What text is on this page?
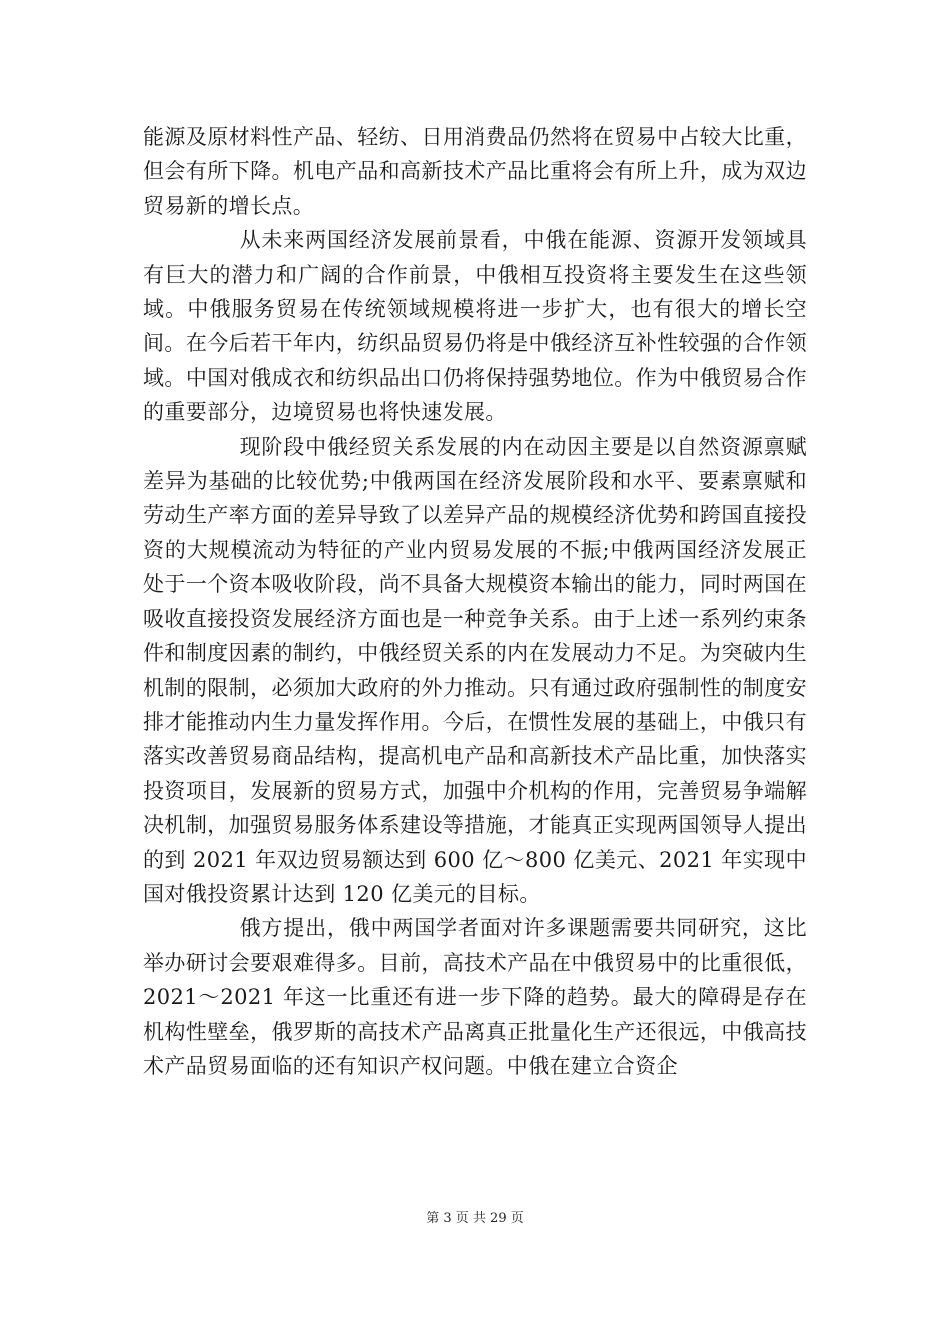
能源及原材料性产品、轻纺、日用消费品仍然将在贸易中占较大比重，但会有所下降。机电产品和高新技术产品比重将会有所上升，成为双边贸易新的增长点。

从未来两国经济发展前景看，中俄在能源、资源开发领域具有巨大的潜力和广阔的合作前景，中俄相互投资将主要发生在这些领域。中俄服务贸易在传统领域规模将进一步扩大，也有很大的增长空间。在今后若干年内，纺织品贸易仍将是中俄经济互补性较强的合作领域。中国对俄成衣和纺织品出口仍将保持强势地位。作为中俄贸易合作的重要部分，边境贸易也将快速发展。

现阶段中俄经贸关系发展的内在动因主要是以自然资源禀赋差异为基础的比较优势;中俄两国在经济发展阶段和水平、要素禀赋和劳动生产率方面的差异导致了以差异产品的规模经济优势和跨国直接投资的大规模流动为特征的产业内贸易发展的不振;中俄两国经济发展正处于一个资本吸收阶段，尚不具备大规模资本输出的能力，同时两国在吸收直接投资发展经济方面也是一种竞争关系。由于上述一系列约束条件和制度因素的制约，中俄经贸关系的内在发展动力不足。为突破内生机制的限制，必须加大政府的外力推动。只有通过政府强制性的制度安排才能推动内生力量发挥作用。今后，在惯性发展的基础上，中俄只有落实改善贸易商品结构，提高机电产品和高新技术产品比重，加快落实投资项目，发展新的贸易方式，加强中介机构的作用，完善贸易争端解决机制，加强贸易服务体系建设等措施，才能真正实现两国领导人提出的到 2021 年双边贸易额达到 600 亿～800 亿美元、2021 年实现中国对俄投资累计达到 120 亿美元的目标。

俄方提出，俄中两国学者面对许多课题需要共同研究，这比举办研讨会要艰难得多。目前，高技术产品在中俄贸易中的比重很低，2021～2021 年这一比重还有进一步下降的趋势。最大的障碍是存在机构性壁垒，俄罗斯的高技术产品离真正批量化生产还很远，中俄高技术产品贸易面临的还有知识产权问题。中俄在建立合资企

第 3 页 共 29 页
